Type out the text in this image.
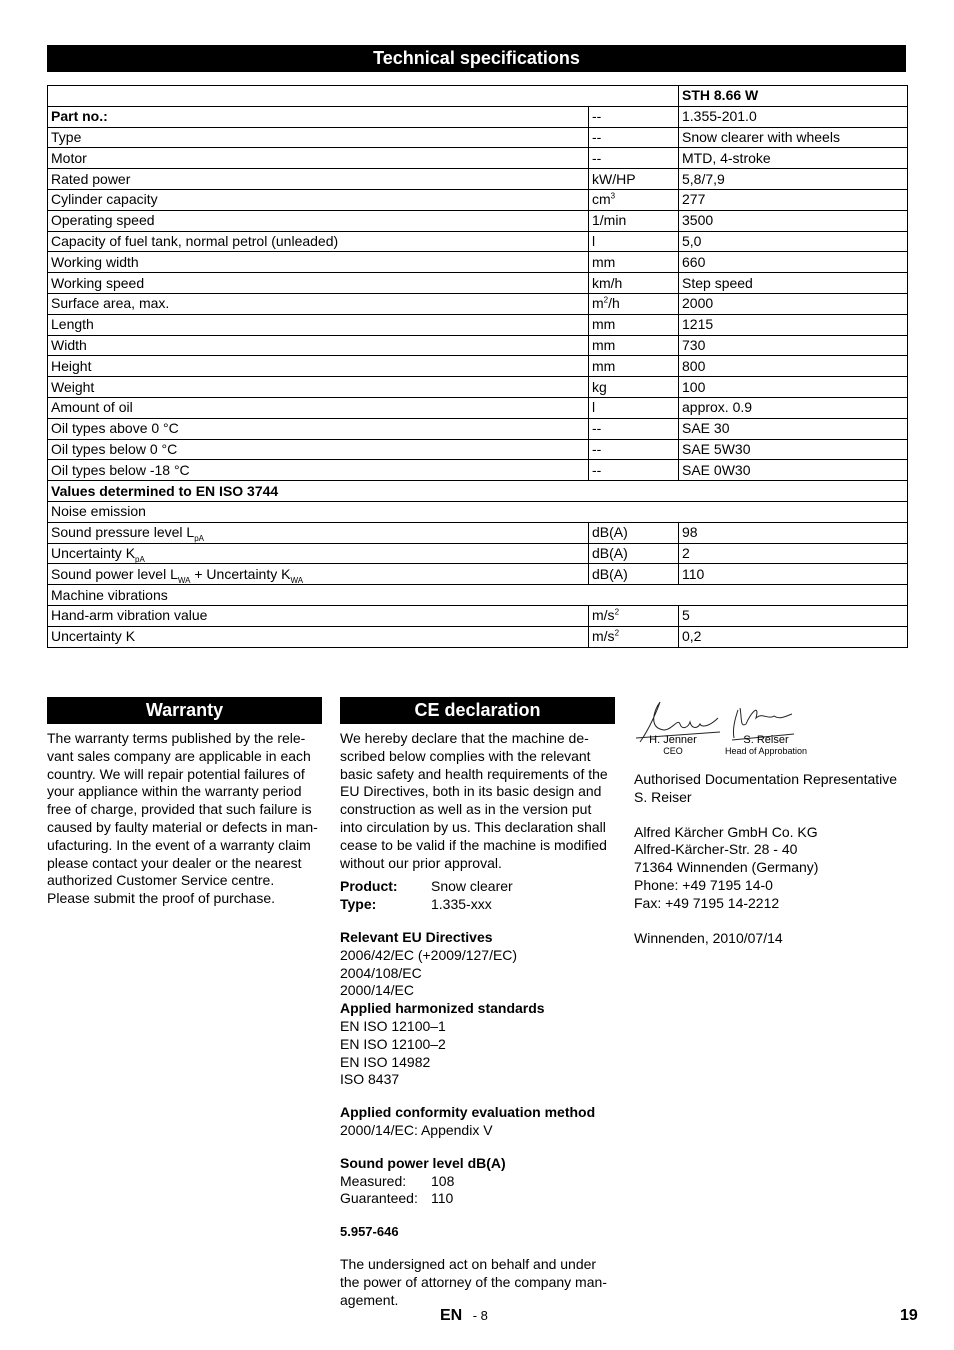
Technical specifications
		STH 8.66 W
Part no.:	--	1.355-201.0
Type	--	Snow clearer with wheels
Motor	--	MTD, 4-stroke
Rated power	kW/HP	5,8/7,9
Cylinder capacity	$cm^3$	277
Operating speed	1/min	3500
Capacity of fuel tank, normal petrol (unleaded)	l	5,0
Working width	mm	660
Working speed	km/h	Step speed
Surface area, max.	$m^2/h$	2000
Length	mm	1215
Width	mm	730
Height	mm	800
Weight	kg	100
Amount of oil	l	approx. 0.9
Oil types above 0 °C	--	SAE 30
Oil types below 0 °C	--	SAE 5W30
Oil types below -18 °C	--	SAE 0W30
Values determined to EN ISO 3744		
Noise emission		
Sound pressure level $L_{pA}$	dB(A)	98
Uncertainty $K_{pA}$	dB(A)	2
Sound power level $L_{WA}$ + Uncertainty $K_{WA}$	dB(A)	110
Machine vibrations		
Hand-arm vibration value	$m/s^2$	5
Uncertainty K	$m/s^2$	0,2
Warranty
The warranty terms published by the rele-
vant sales company are applicable in each
country. We will repair potential failures of
your appliance within the warranty period
free of charge, provided that such failure is
caused by faulty material or defects in man-
ufacturing. In the event of a warranty claim
please contact your dealer or the nearest
authorized Customer Service centre.
Please submit the proof of purchase.
CE declaration
We hereby declare that the machine de-
scribed below complies with the relevant
basic safety and health requirements of the
EU Directives, both in its basic design and
construction as well as in the version put
into circulation by us. This declaration shall
cease to be valid if the machine is modified
without our prior approval.
Product:	Snow clearer
Type:	1.335-xxx
Relevant EU Directives
2006/42/EC (+2009/127/EC)
2004/108/EC
2000/14/EC
Applied harmonized standards
EN ISO 12100–1
EN ISO 12100–2
EN ISO 14982
ISO 8437
Applied conformity evaluation method
2000/14/EC: Appendix V
Sound power level dB(A)
Measured:	108
Guaranteed: 110
5.957-646
The undersigned act on behalf and under
the power of attorney of the company man-
agement.
H. Jenner
CEO
S. Reiser
Head of Approbation
Authorised Documentation Representative
S. Reiser
Alfred Kärcher GmbH Co. KG
Alfred-Kärcher-Str. 28 - 40
71364 Winnenden (Germany)
Phone: +49 7195 14-0
Fax: +49 7195 14-2212
Winnenden, 2010/07/14
EN - 8	19
